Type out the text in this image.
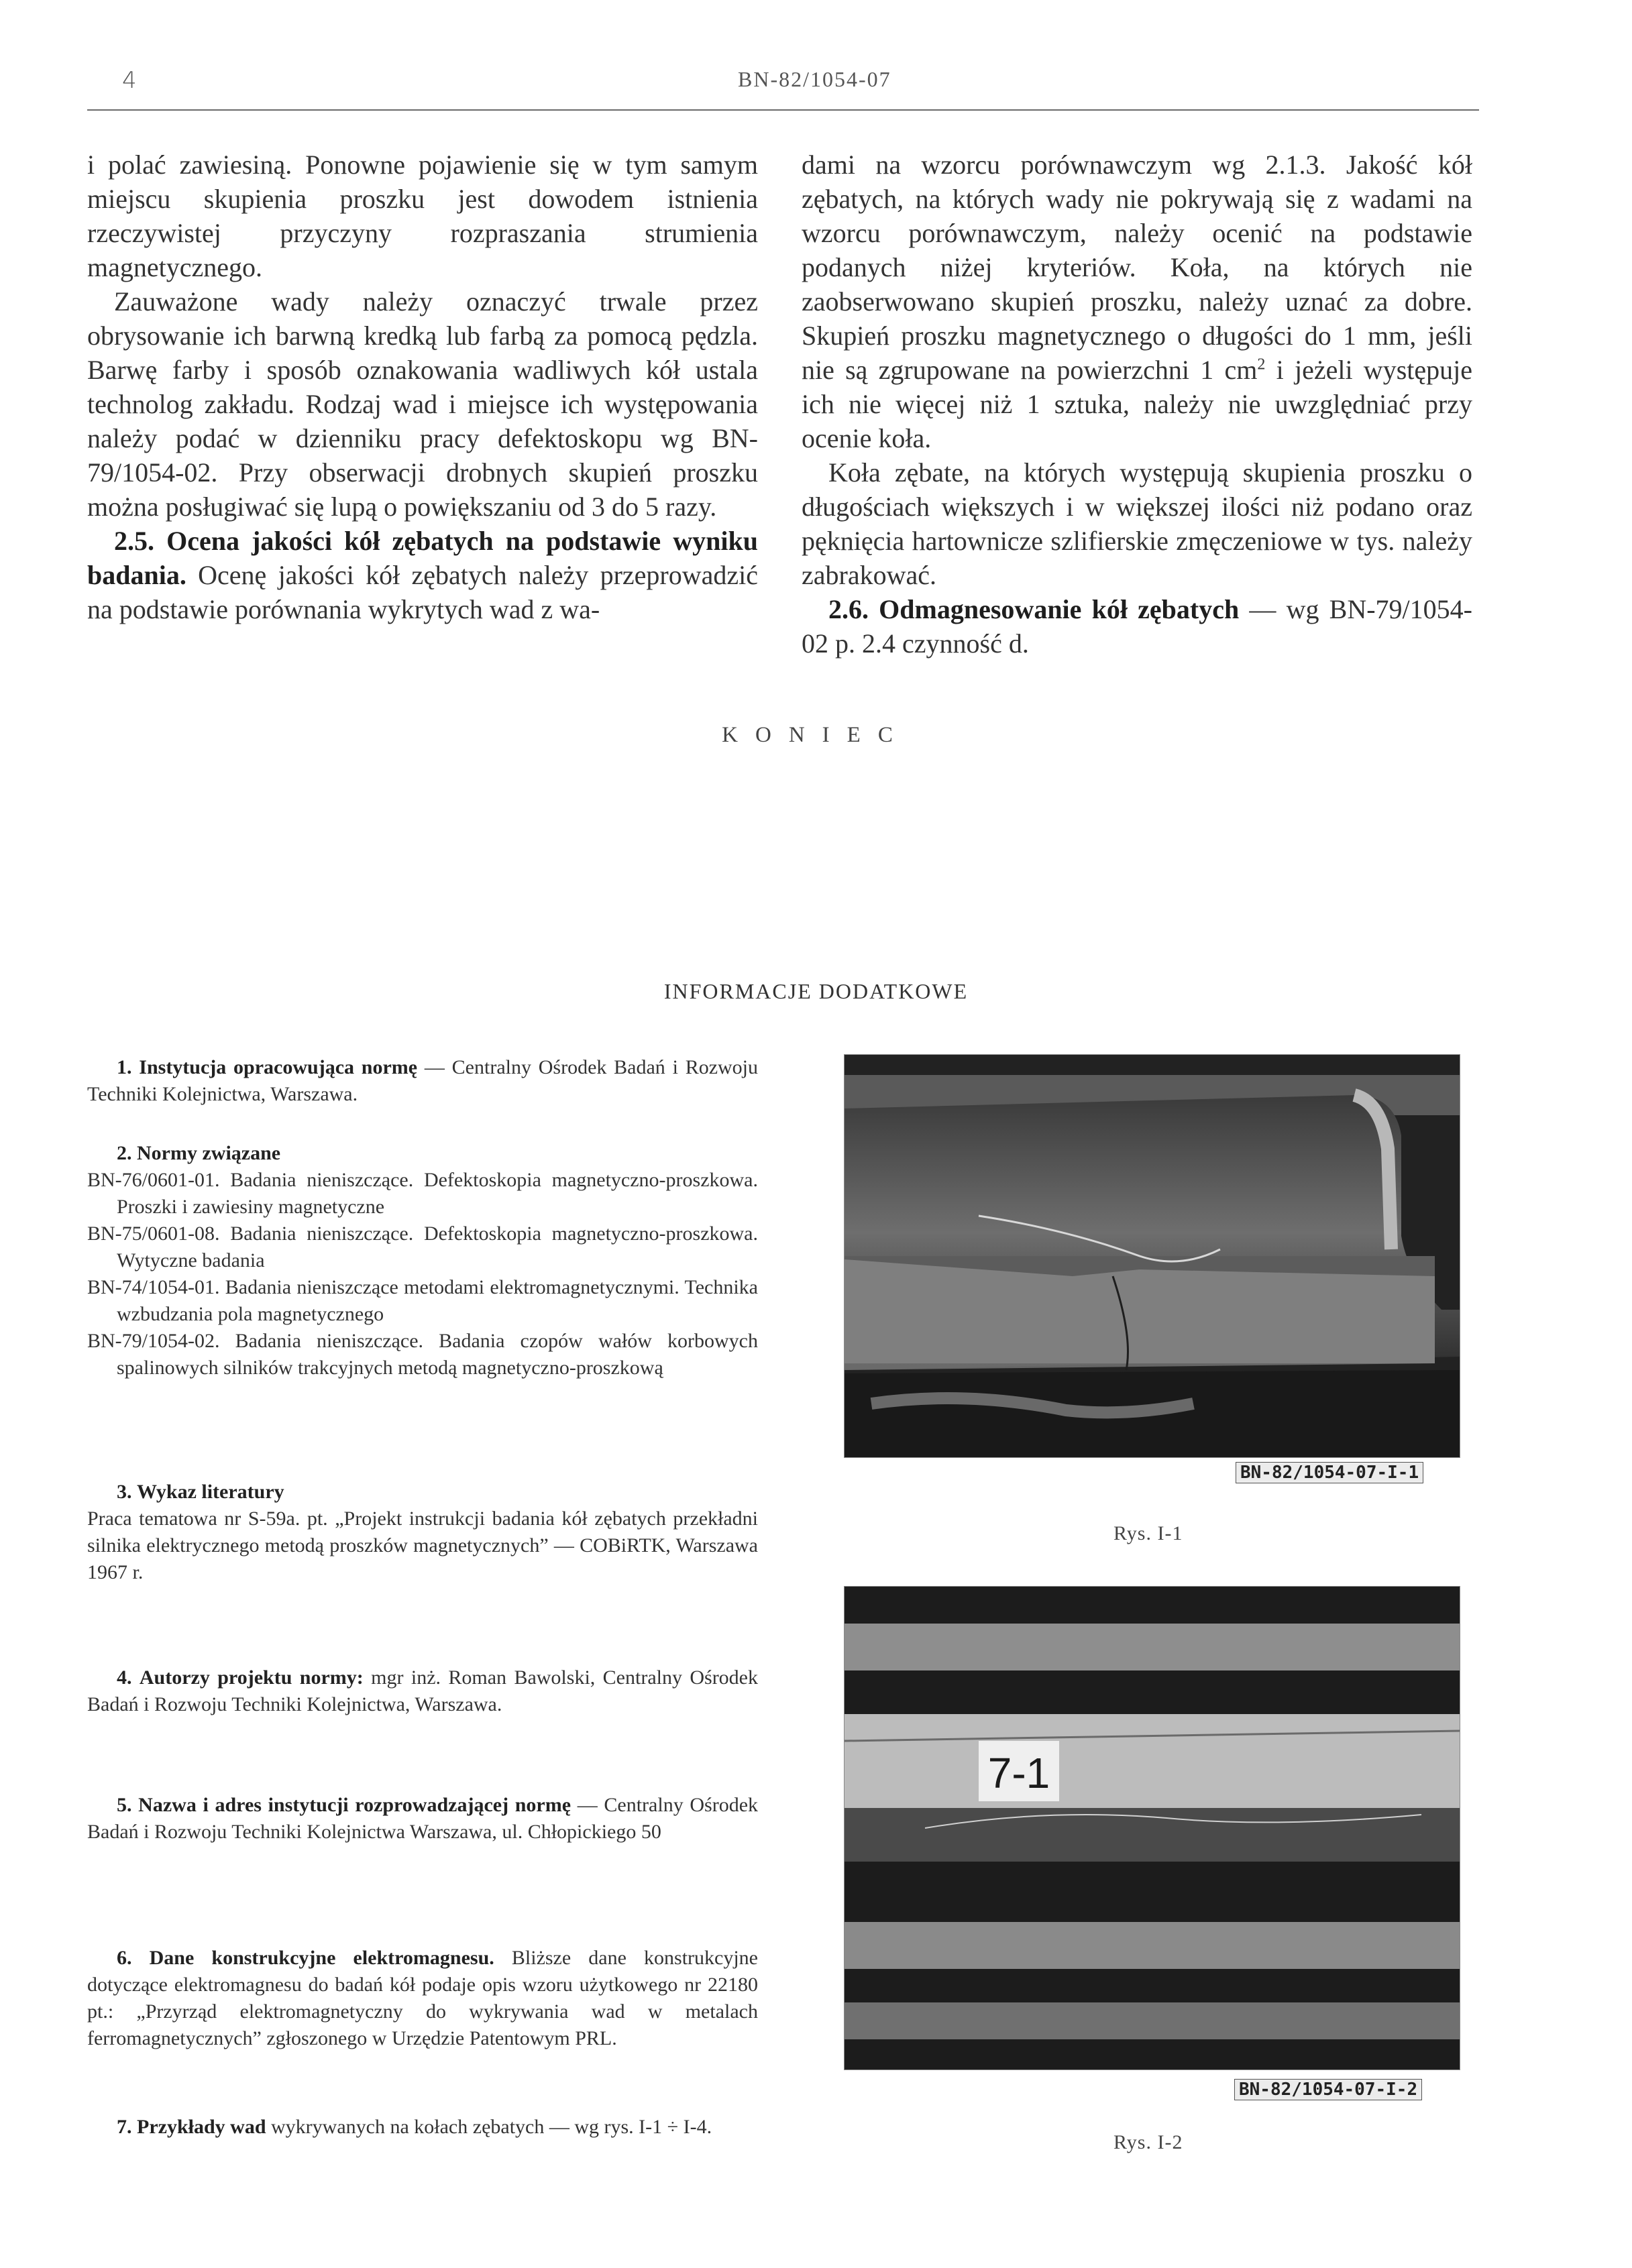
4	BN-82/1054-07

i polać zawiesiną. Ponowne pojawienie się w tym samym miejscu skupienia proszku jest dowodem istnienia rzeczywistej przyczyny rozpraszania strumienia magnetycznego.

Zauważone wady należy oznaczyć trwale przez obrysowanie ich barwną kredką lub farbą za pomocą pędzla. Barwę farby i sposób oznakowania wadliwych kół ustala technolog zakładu. Rodzaj wad i miejsce ich występowania należy podać w dzienniku pracy defektoskopu wg BN-79/1054-02. Przy obserwacji drobnych skupień proszku można posługiwać się lupą o powiększaniu od 3 do 5 razy.

2.5. Ocena jakości kół zębatych na podstawie wyniku badania. Ocenę jakości kół zębatych należy przeprowadzić na podstawie porównania wykrytych wad z wa-

dami na wzorcu porównawczym wg 2.1.3. Jakość kół zębatych, na których wady nie pokrywają się z wadami na wzorcu porównawczym, należy ocenić na podstawie podanych niżej kryteriów. Koła, na których nie zaobserwowano skupień proszku, należy uznać za dobre. Skupień proszku magnetycznego o długości do 1 mm, jeśli nie są zgrupowane na powierzchni 1 $cm^2$ i jeżeli występuje ich nie więcej niż 1 sztuka, należy nie uwzględniać przy ocenie koła.

Koła zębate, na których występują skupienia proszku o długościach większych i w większej ilości niż podano oraz pęknięcia hartownicze szlifierskie zmęczeniowe w tys. należy zabrakować.

2.6. Odmagnesowanie kół zębatych — wg BN-79/1054-02 p. 2.4 czynność d.

KONIEC
INFORMACJE DODATKOWE

1. Instytucja opracowująca normę — Centralny Ośrodek Badań i Rozwoju Techniki Kolejnictwa, Warszawa.

2. Normy związane

BN-76/0601-01. Badania nieniszczące. Defektoskopia magnetyczno-proszkowa. Proszki i zawiesiny magnetyczne

BN-75/0601-08. Badania nieniszczące. Defektoskopia magnetyczno-proszkowa. Wytyczne badania

BN-74/1054-01. Badania nieniszczące metodami elektromagnetycznymi. Technika wzbudzania pola magnetycznego

BN-79/1054-02. Badania nieniszczące. Badania czopów wałów korbowych spalinowych silników trakcyjnych metodą magnetyczno-proszkową

3. Wykaz literatury

Praca tematowa nr S-59a. pt. „Projekt instrukcji badania kół zębatych przekładni silnika elektrycznego metodą proszków magnetycznych” — COBiRTK, Warszawa 1967 r.

4. Autorzy projektu normy: mgr inż. Roman Bawolski, Centralny Ośrodek Badań i Rozwoju Techniki Kolejnictwa, Warszawa.

5. Nazwa i adres instytucji rozprowadzającej normę — Centralny Ośrodek Badań i Rozwoju Techniki Kolejnictwa Warszawa, ul. Chłopickiego 50

6. Dane konstrukcyjne elektromagnesu. Bliższe dane konstrukcyjne dotyczące elektromagnesu do badań kół podaje opis wzoru użytkowego nr 22180 pt.: „Przyrząd elektromagnetyczny do wykrywania wad w metalach ferromagnetycznych” zgłoszonego w Urzędzie Patentowym PRL.

7. Przykłady wad wykrywanych na kołach zębatych — wg rys. I-1 ÷ I-4.

BN-82/1054-07-I-1
Rys. I-1
7-1
BN-82/1054-07-I-2
Rys. I-2
